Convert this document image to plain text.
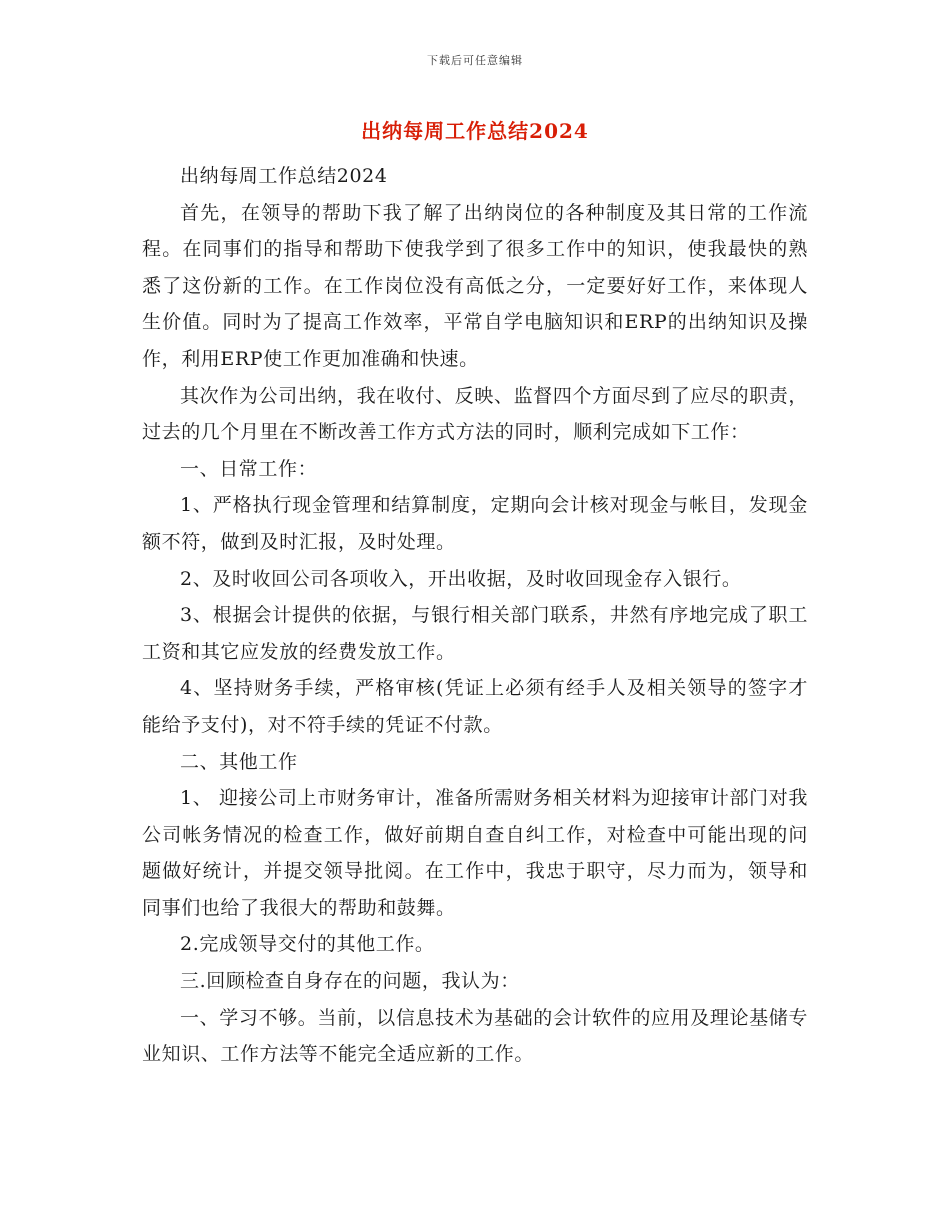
下载后可任意编辑
出纳每周工作总结2024

出纳每周工作总结2024

首先，在领导的帮助下我了解了出纳岗位的各种制度及其日常的工作流程。在同事们的指导和帮助下使我学到了很多工作中的知识，使我最快的熟悉了这份新的工作。在工作岗位没有高低之分，一定要好好工作，来体现人生价值。同时为了提高工作效率，平常自学电脑知识和ERP的出纳知识及操作，利用ERP使工作更加准确和快速。

其次作为公司出纳，我在收付、反映、监督四个方面尽到了应尽的职责，过去的几个月里在不断改善工作方式方法的同时，顺利完成如下工作：

一、日常工作：

1、严格执行现金管理和结算制度，定期向会计核对现金与帐目，发现金额不符，做到及时汇报，及时处理。

2、及时收回公司各项收入，开出收据，及时收回现金存入银行。

3、根据会计提供的依据，与银行相关部门联系，井然有序地完成了职工工资和其它应发放的经费发放工作。

4、坚持财务手续，严格审核(凭证上必须有经手人及相关领导的签字才能给予支付)，对不符手续的凭证不付款。

二、其他工作

1、 迎接公司上市财务审计，准备所需财务相关材料为迎接审计部门对我公司帐务情况的检查工作，做好前期自查自纠工作，对检查中可能出现的问题做好统计，并提交领导批阅。在工作中，我忠于职守，尽力而为，领导和同事们也给了我很大的帮助和鼓舞。

2.完成领导交付的其他工作。

三.回顾检查自身存在的问题，我认为：

一、学习不够。当前，以信息技术为基础的会计软件的应用及理论基储专业知识、工作方法等不能完全适应新的工作。
